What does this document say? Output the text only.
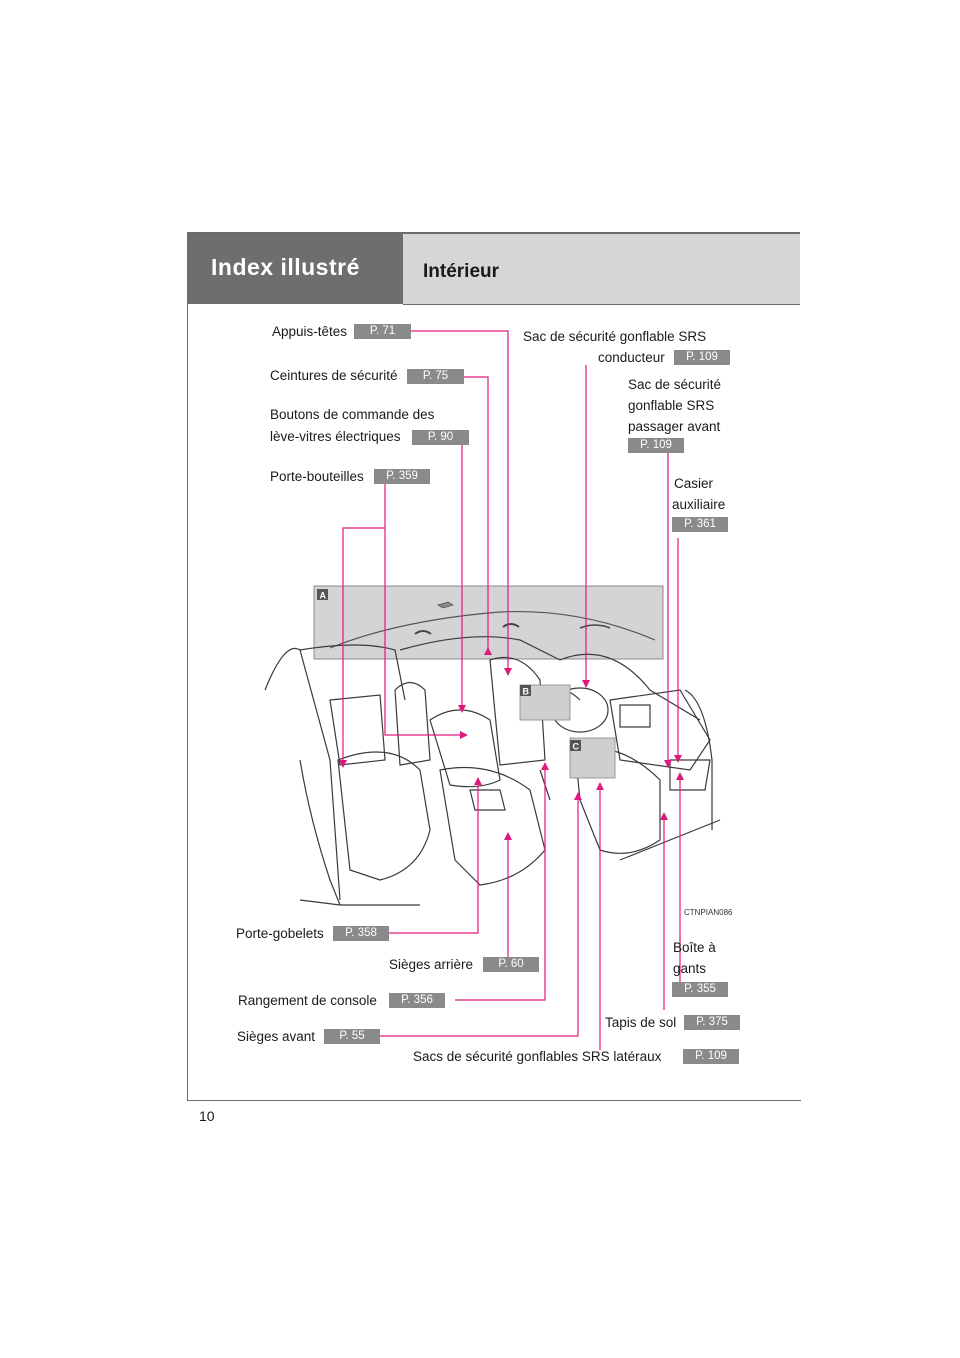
Index illustré	Intérieur
A
B
C
Appuis-têtes	P. 71
Ceintures de sécurité	P. 75
Boutons de commande des
lève-vitres électriques	P. 90
Porte-bouteilles	P. 359
Sac de sécurité gonflable SRS
conducteur	P. 109
Sac de sécurité
gonflable SRS
passager avant
P. 109
Casier
auxiliaire
P. 361
CTNPIAN086
Porte-gobelets	P. 358
Sièges arrière	P. 60
Rangement de console	P. 356
Sièges avant	P. 55
Boîte à
gants
P. 355
Tapis de sol	P. 375
Sacs de sécurité gonflables SRS latéraux	P. 109
10
